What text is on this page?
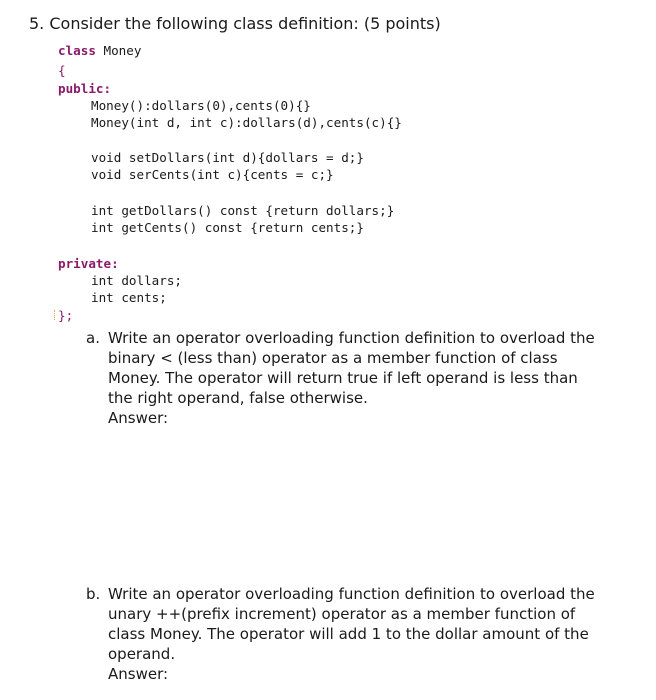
5. Consider the following class definition: (5 points)
class Money
{
public:
Money():dollars(0),cents(0){}
Money(int d, int c):dollars(d),cents(c){}
void setDollars(int d){dollars = d;}
void serCents(int c){cents = c;}
int getDollars() const {return dollars;}
int getCents() const {return cents;}
private:
int dollars;
int cents;
};
a. Write an operator overloading function definition to overload the
binary < (less than) operator as a member function of class
Money. The operator will return true if left operand is less than
the right operand, false otherwise.
Answer:
b. Write an operator overloading function definition to overload the
unary ++(prefix increment) operator as a member function of
class Money. The operator will add 1 to the dollar amount of the
operand.
Answer:
